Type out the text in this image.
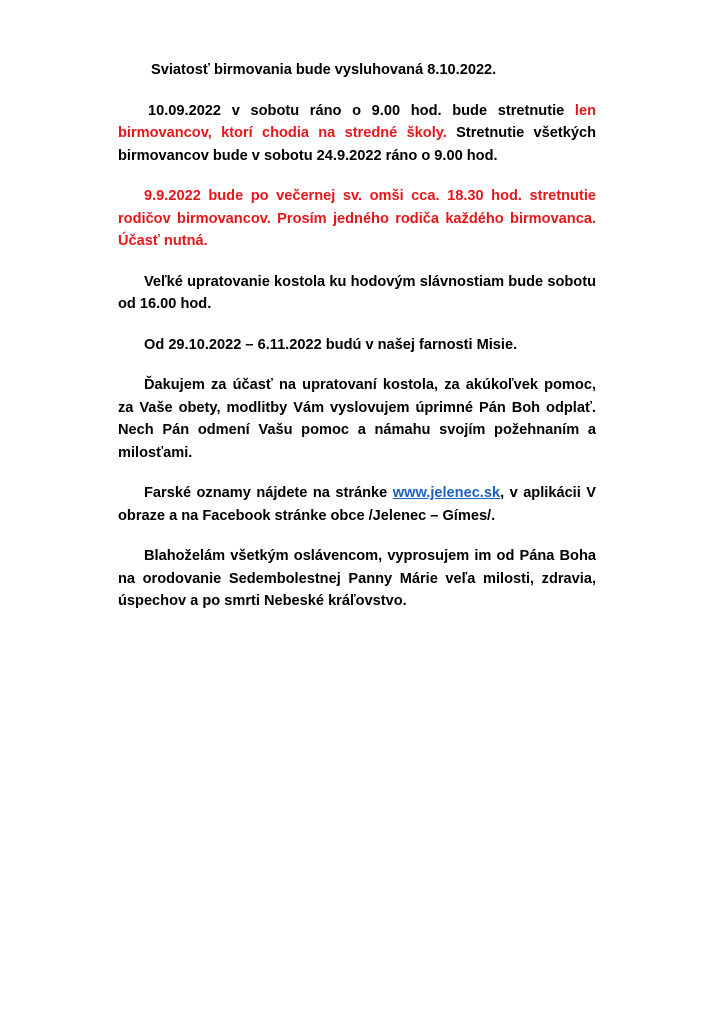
Sviatosť birmovania bude vysluhovaná 8.10.2022.

10.09.2022 v sobotu ráno o 9.00 hod. bude stretnutie len birmovancov, ktorí chodia na stredné školy. Stretnutie všetkých birmovancov bude v sobotu 24.9.2022 ráno o 9.00 hod.

9.9.2022 bude po večernej sv. omši cca. 18.30 hod. stretnutie rodičov birmovancov. Prosím jedného rodiča každého birmovanca. Účasť nutná.

Veľké upratovanie kostola ku hodovým slávnostiam bude sobotu od 16.00 hod.

Od 29.10.2022 – 6.11.2022 budú v našej farnosti Misie.

Ďakujem za účasť na upratovaní kostola, za akúkoľvek pomoc, za Vaše obety, modlitby Vám vyslovujem úprimné Pán Boh odplať. Nech Pán odmení Vašu pomoc a námahu svojím požehnaním a milosťami.

Farské oznamy nájdete na stránke www.jelenec.sk, v aplikácii V obraze a na Facebook stránke obce /Jelenec – Gímes/.

Blahoželám všetkým oslávencom, vyprosujem im od Pána Boha na orodovanie Sedembolestnej Panny Márie veľa milosti, zdravia, úspechov a po smrti Nebeské kráľovstvo.
